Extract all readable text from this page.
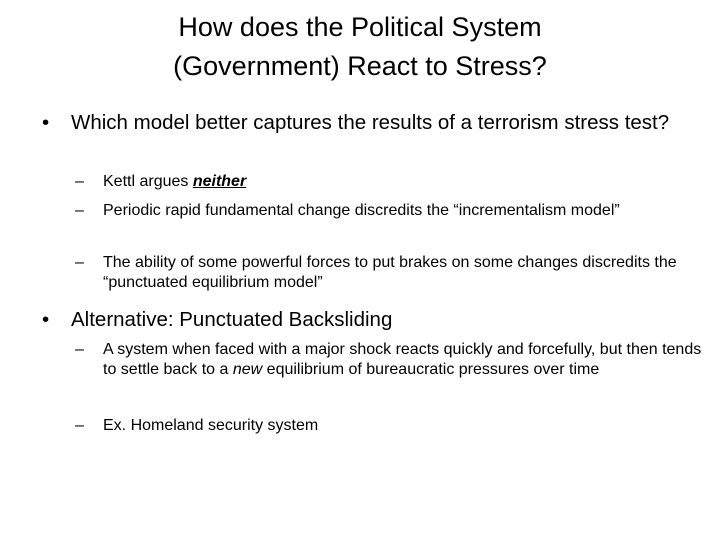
How does the Political System
(Government) React to Stress?
• Which model better captures the results of a terrorism stress test?
– Kettl argues neither
– Periodic rapid fundamental change discredits the “incrementalism model”
– The ability of some powerful forces to put brakes on some changes discredits the “punctuated equilibrium model”
• Alternative: Punctuated Backsliding
– A system when faced with a major shock reacts quickly and forcefully, but then tends to settle back to a new equilibrium of bureaucratic pressures over time
– Ex. Homeland security system
